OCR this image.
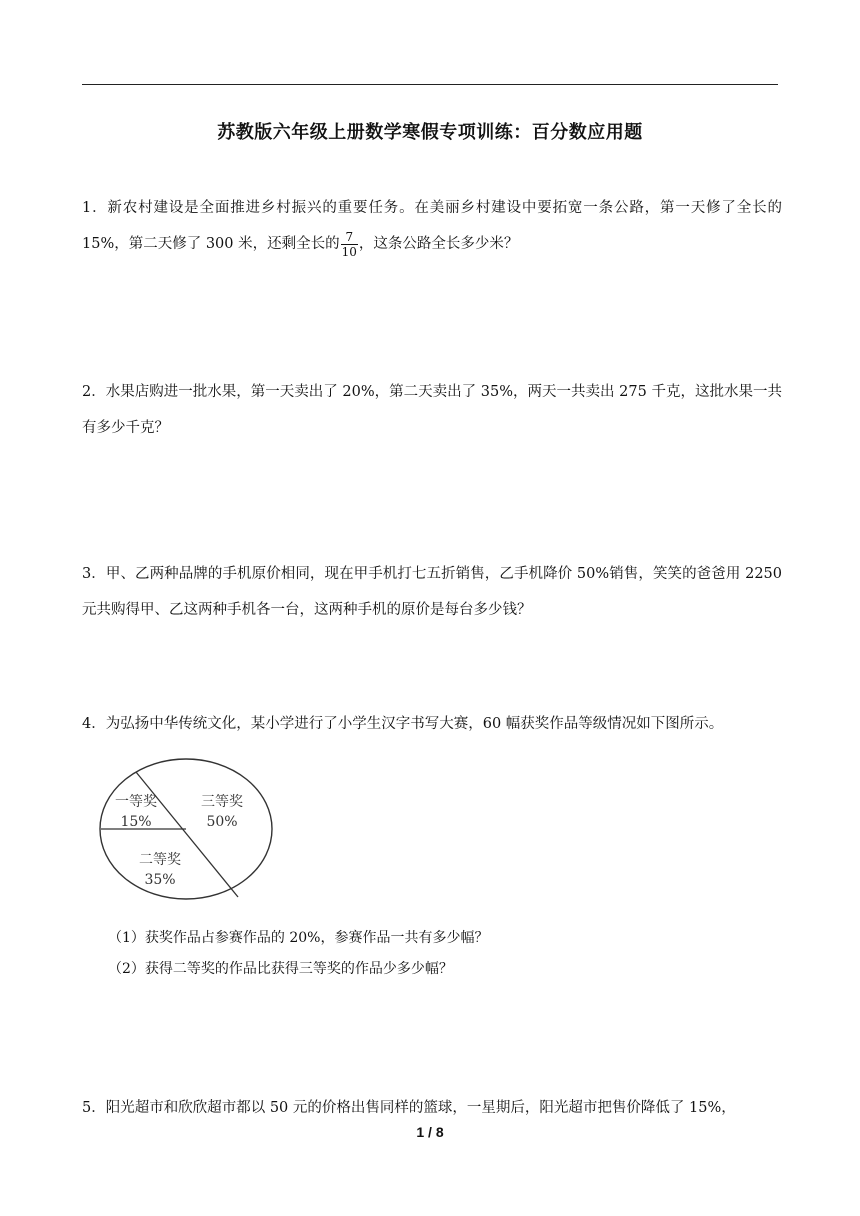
苏教版六年级上册数学寒假专项训练：百分数应用题
1．新农村建设是全面推进乡村振兴的重要任务。在美丽乡村建设中要拓宽一条公路，第一天修了全长的 15%，第二天修了 300 米，还剩全长的 $\frac{7}{10}$ ，这条公路全长多少米？
2．水果店购进一批水果，第一天卖出了 20%，第二天卖出了 35%，两天一共卖出 275 千克，这批水果一共有多少千克？
3．甲、乙两种品牌的手机原价相同，现在甲手机打七五折销售，乙手机降价 50%销售，笑笑的爸爸用 2250 元共购得甲、乙这两种手机各一台，这两种手机的原价是每台多少钱？
4．为弘扬中华传统文化，某小学进行了小学生汉字书写大赛，60 幅获奖作品等级情况如下图所示。
一等奖
15%
二等奖
35%
三等奖
50%
（1）获奖作品占参赛作品的 20%，参赛作品一共有多少幅？
（2）获得二等奖的作品比获得三等奖的作品少多少幅？
5．阳光超市和欣欣超市都以 50 元的价格出售同样的篮球，一星期后，阳光超市把售价降低了 15%，
1 / 8
